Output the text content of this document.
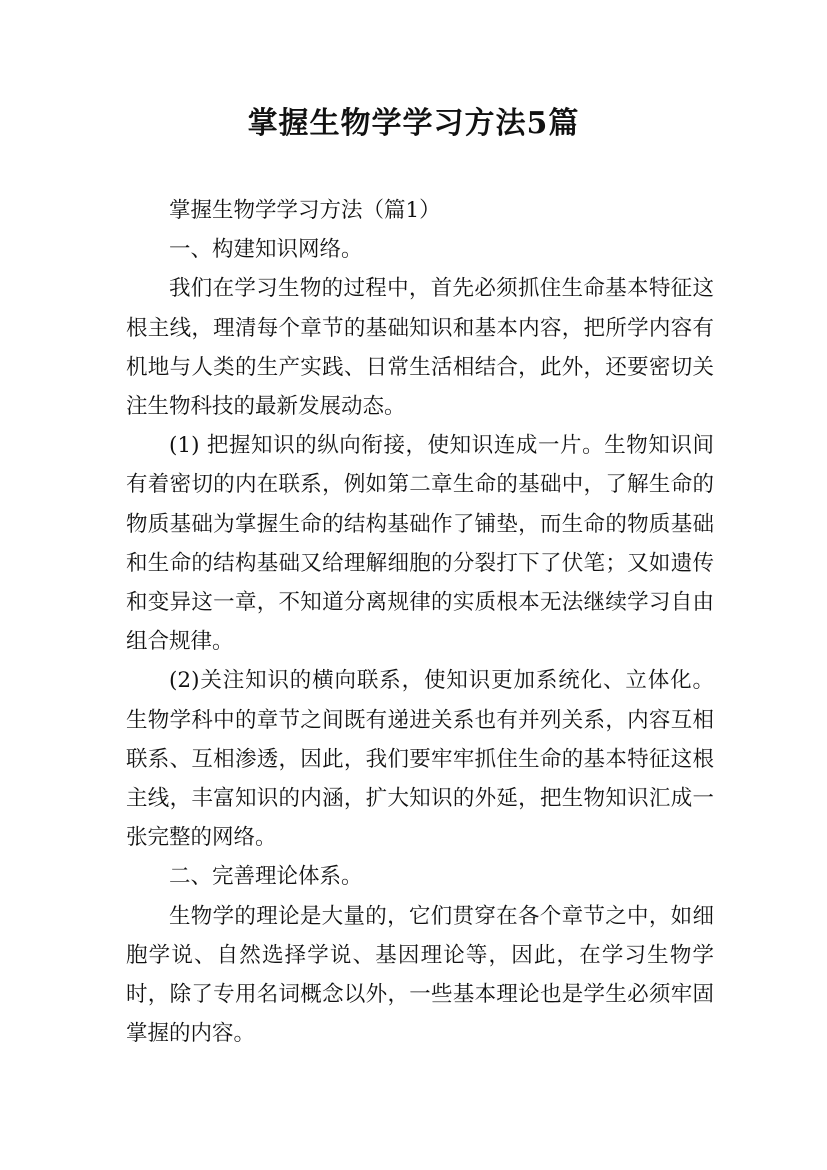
掌握生物学学习方法5篇

掌握生物学学习方法（篇1）

一、构建知识网络。

我们在学习生物的过程中，首先必须抓住生命基本特征这根主线，理清每个章节的基础知识和基本内容，把所学内容有机地与人类的生产实践、日常生活相结合，此外，还要密切关注生物科技的最新发展动态。

(1) 把握知识的纵向衔接，使知识连成一片。生物知识间有着密切的内在联系，例如第二章生命的基础中，了解生命的物质基础为掌握生命的结构基础作了铺垫，而生命的物质基础和生命的结构基础又给理解细胞的分裂打下了伏笔；又如遗传和变异这一章，不知道分离规律的实质根本无法继续学习自由组合规律。

(2)关注知识的横向联系，使知识更加系统化、立体化。生物学科中的章节之间既有递进关系也有并列关系，内容互相联系、互相渗透，因此，我们要牢牢抓住生命的基本特征这根主线，丰富知识的内涵，扩大知识的外延，把生物知识汇成一张完整的网络。

二、完善理论体系。

生物学的理论是大量的，它们贯穿在各个章节之中，如细胞学说、自然选择学说、基因理论等，因此，在学习生物学时，除了专用名词概念以外，一些基本理论也是学生必须牢固掌握的内容。
